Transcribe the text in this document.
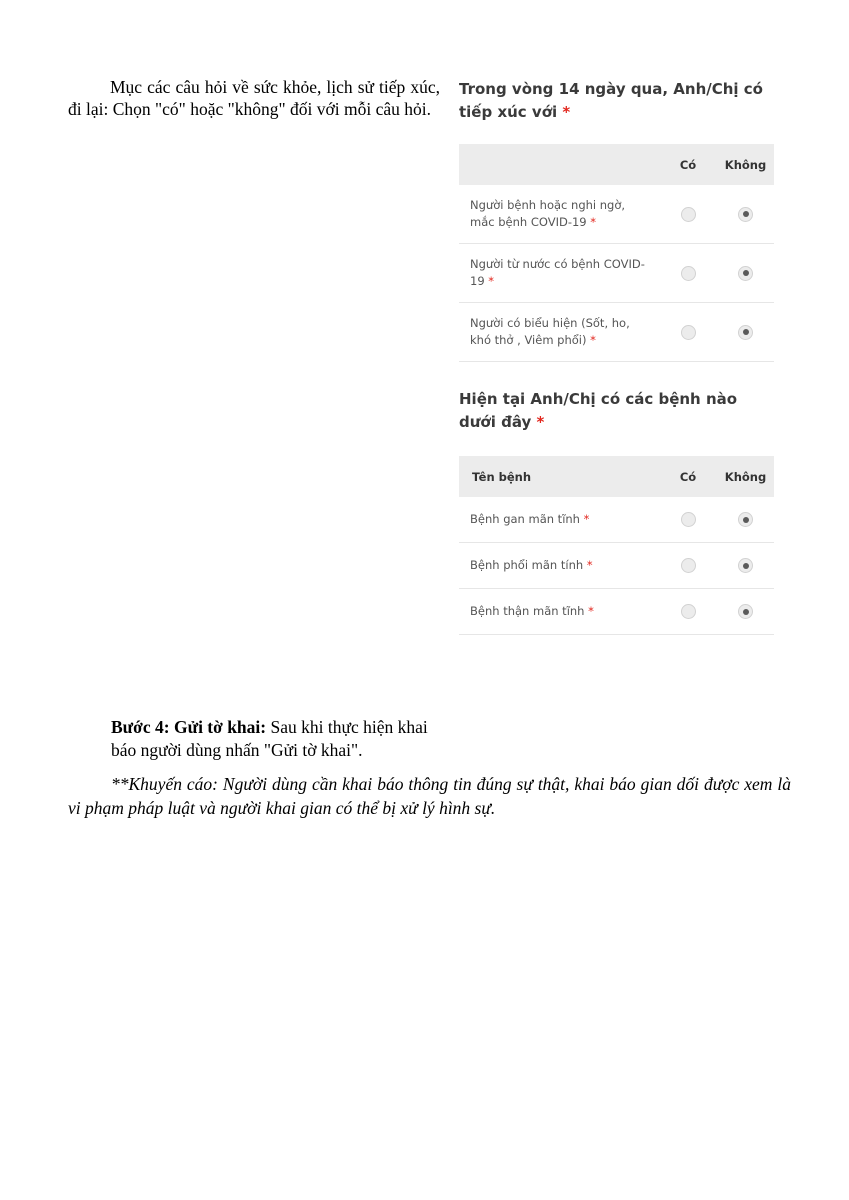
Mục các câu hỏi về sức khỏe, lịch sử tiếp xúc, đi lại: Chọn "có" hoặc "không" đối với mỗi câu hỏi.

Trong vòng 14 ngày qua, Anh/Chị có tiếp xúc với *

	Có	Không
Người bệnh hoặc nghi ngờ, mắc bệnh COVID-19 *		
Người từ nước có bệnh COVID-19 *		
Người có biểu hiện (Sốt, ho, khó thở , Viêm phổi) *		

Hiện tại Anh/Chị có các bệnh nào dưới đây *

Tên bệnh	Có	Không
Bệnh gan mãn tĩnh *		
Bệnh phổi mãn tính *		
Bệnh thận mãn tĩnh *		

Bước 4: Gửi tờ khai: Sau khi thực hiện khai
báo người dùng nhấn "Gửi tờ khai".

**Khuyến cáo: Người dùng cần khai báo thông tin đúng sự thật, khai báo gian dối được xem là vi phạm pháp luật và người khai gian có thể bị xử lý hình sự.
